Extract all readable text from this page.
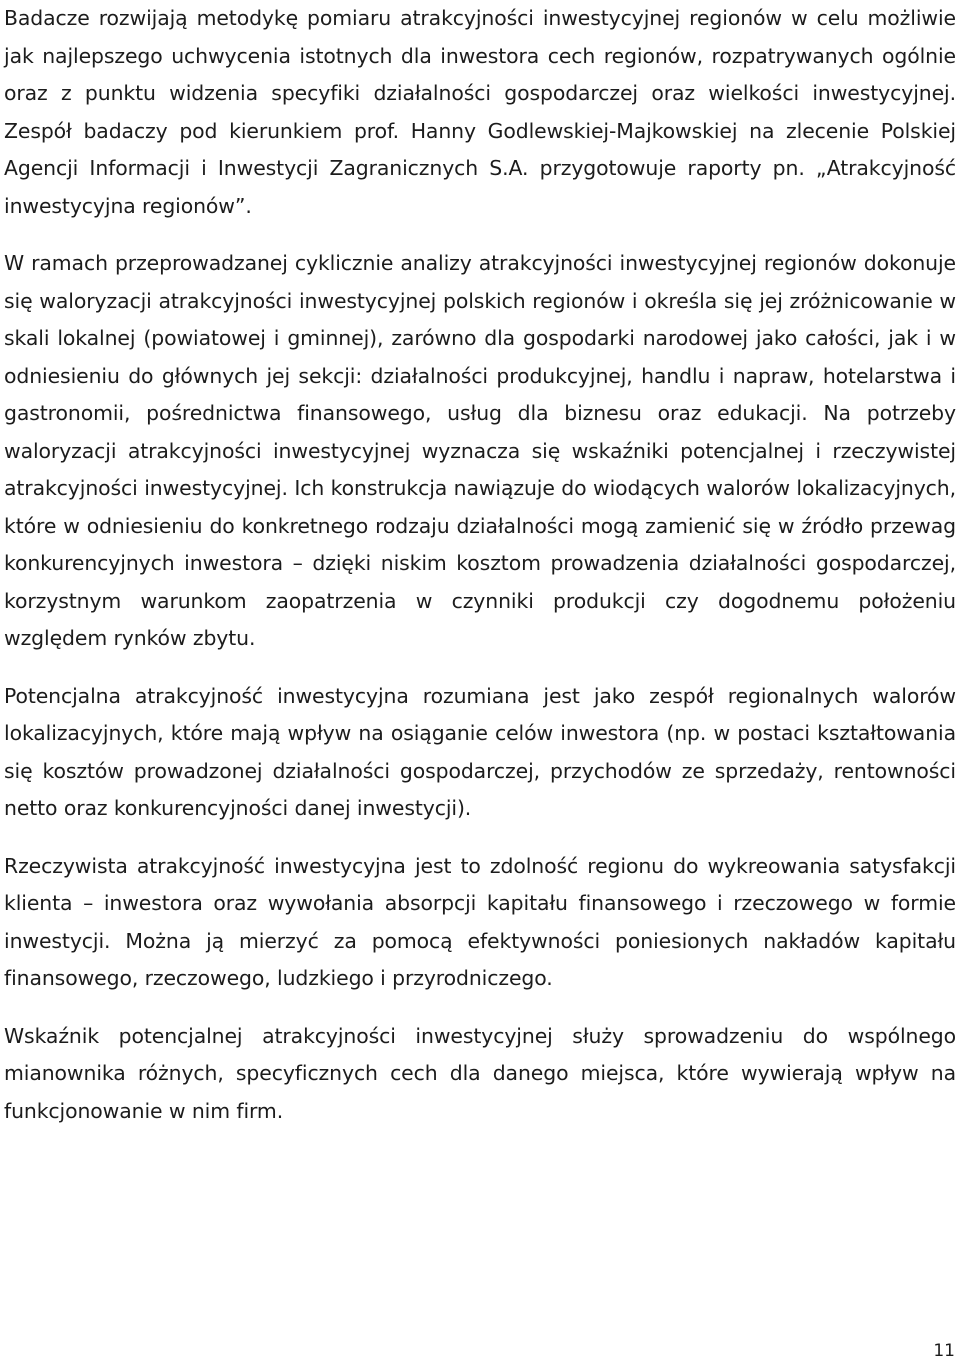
Badacze rozwijają metodykę pomiaru atrakcyjności inwestycyjnej regionów w celu możliwie jak najlepszego uchwycenia istotnych dla inwestora cech regionów, rozpatrywanych ogólnie oraz z punktu widzenia specyfiki działalności gospodarczej oraz wielkości inwestycyjnej. Zespół badaczy pod kierunkiem prof. Hanny Godlewskiej-Majkowskiej na zlecenie Polskiej Agencji Informacji i Inwestycji Zagranicznych S.A. przygotowuje raporty pn. „Atrakcyjność inwestycyjna regionów”.

W ramach przeprowadzanej cyklicznie analizy atrakcyjności inwestycyjnej regionów dokonuje się waloryzacji atrakcyjności inwestycyjnej polskich regionów i określa się jej zróżnicowanie w skali lokalnej (powiatowej i gminnej), zarówno dla gospodarki narodowej jako całości, jak i w odniesieniu do głównych jej sekcji: działalności produkcyjnej, handlu i napraw, hotelarstwa i gastronomii, pośrednictwa finansowego, usług dla biznesu oraz edukacji. Na potrzeby waloryzacji atrakcyjności inwestycyjnej wyznacza się wskaźniki potencjalnej i rzeczywistej atrakcyjności inwestycyjnej. Ich konstrukcja nawiązuje do wiodących walorów lokalizacyjnych, które w odniesieniu do konkretnego rodzaju działalności mogą zamienić się w źródło przewag konkurencyjnych inwestora – dzięki niskim kosztom prowadzenia działalności gospodarczej, korzystnym warunkom zaopatrzenia w czynniki produkcji czy dogodnemu położeniu względem rynków zbytu.

Potencjalna atrakcyjność inwestycyjna rozumiana jest jako zespół regionalnych walorów lokalizacyjnych, które mają wpływ na osiąganie celów inwestora (np. w postaci kształtowania się kosztów prowadzonej działalności gospodarczej, przychodów ze sprzedaży, rentowności netto oraz konkurencyjności danej inwestycji).

Rzeczywista atrakcyjność inwestycyjna jest to zdolność regionu do wykreowania satysfakcji klienta – inwestora oraz wywołania absorpcji kapitału finansowego i rzeczowego w formie inwestycji. Można ją mierzyć za pomocą efektywności poniesionych nakładów kapitału finansowego, rzeczowego, ludzkiego i przyrodniczego.

Wskaźnik potencjalnej atrakcyjności inwestycyjnej służy sprowadzeniu do wspólnego mianownika różnych, specyficznych cech dla danego miejsca, które wywierają wpływ na funkcjonowanie w nim firm.

11
